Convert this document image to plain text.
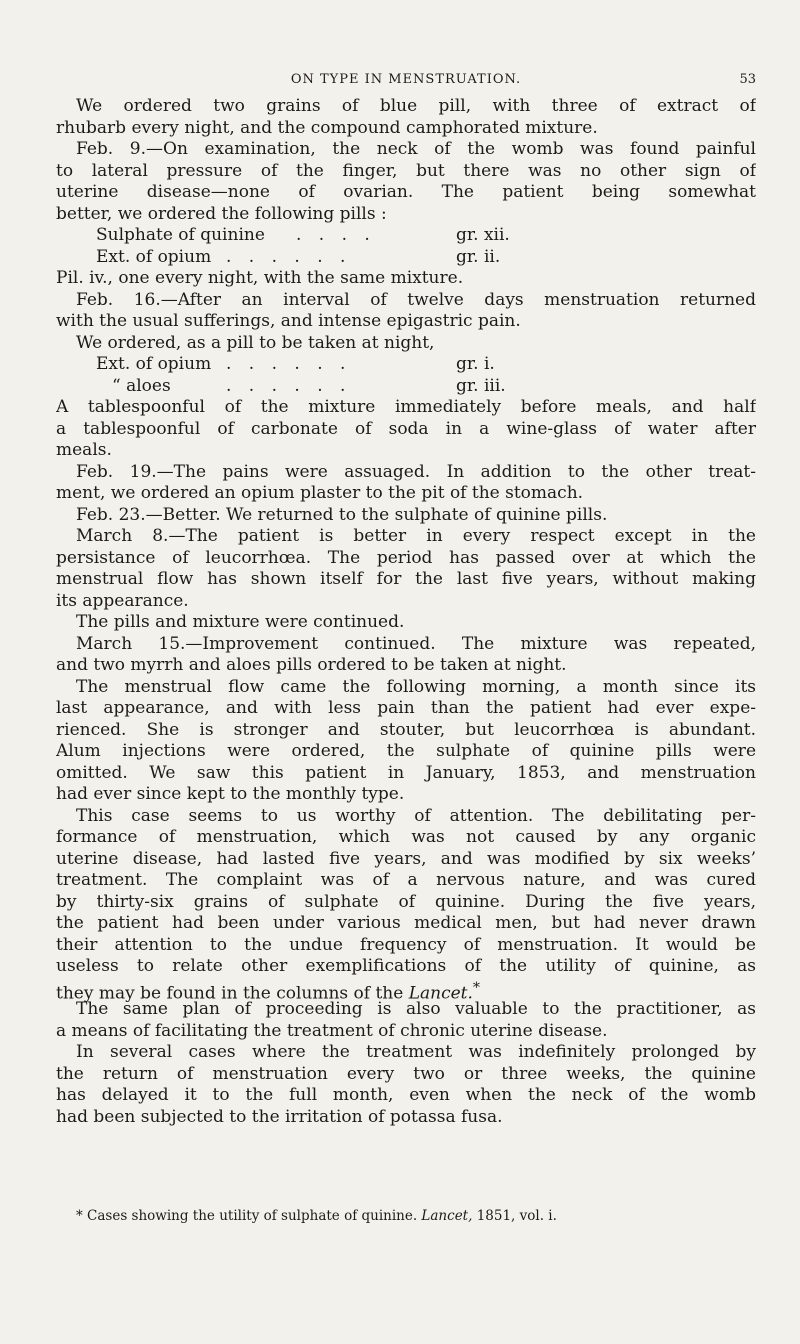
ON TYPE IN MENSTRUATION.	53
We ordered two grains of blue pill, with three of extract of
rhubarb every night, and the compound camphorated mixture.
Feb. 9.—On examination, the neck of the womb was found painful
to lateral pressure of the finger, but there was no other sign of
uterine disease—none of ovarian. The patient being somewhat
better, we ordered the following pills :
Sulphate of quinine . . . .	gr. xii.
Ext. of opium . . . . . .	gr. ii.
Pil. iv., one every night, with the same mixture.
Feb. 16.—After an interval of twelve days menstruation returned
with the usual sufferings, and intense epigastric pain.
We ordered, as a pill to be taken at night,
Ext. of opium . . . . . .	gr. i.
“ aloes	. . . . . .	gr. iii.
A tablespoonful of the mixture immediately before meals, and half
a tablespoonful of carbonate of soda in a wine-glass of water after
meals.
Feb. 19.—The pains were assuaged. In addition to the other treat-
ment, we ordered an opium plaster to the pit of the stomach.
Feb. 23.—Better. We returned to the sulphate of quinine pills.
March 8.—The patient is better in every respect except in the
persistance of leucorrhœa. The period has passed over at which the
menstrual flow has shown itself for the last five years, without making
its appearance.
The pills and mixture were continued.
March 15.—Improvement continued. The mixture was repeated,
and two myrrh and aloes pills ordered to be taken at night.
The menstrual flow came the following morning, a month since its
last appearance, and with less pain than the patient had ever expe-
rienced. She is stronger and stouter, but leucorrhœa is abundant.
Alum injections were ordered, the sulphate of quinine pills were
omitted. We saw this patient in January, 1853, and menstruation
had ever since kept to the monthly type.
This case seems to us worthy of attention. The debilitating per-
formance of menstruation, which was not caused by any organic
uterine disease, had lasted five years, and was modified by six weeks’
treatment. The complaint was of a nervous nature, and was cured
by thirty-six grains of sulphate of quinine. During the five years,
the patient had been under various medical men, but had never drawn
their attention to the undue frequency of menstruation. It would be
useless to relate other exemplifications of the utility of quinine, as
they may be found in the columns of the Lancet.*
The same plan of proceeding is also valuable to the practitioner, as
a means of facilitating the treatment of chronic uterine disease.
In several cases where the treatment was indefinitely prolonged by
the return of menstruation every two or three weeks, the quinine
has delayed it to the full month, even when the neck of the womb
had been subjected to the irritation of potassa fusa.
* Cases showing the utility of sulphate of quinine. Lancet, 1851, vol. i.
